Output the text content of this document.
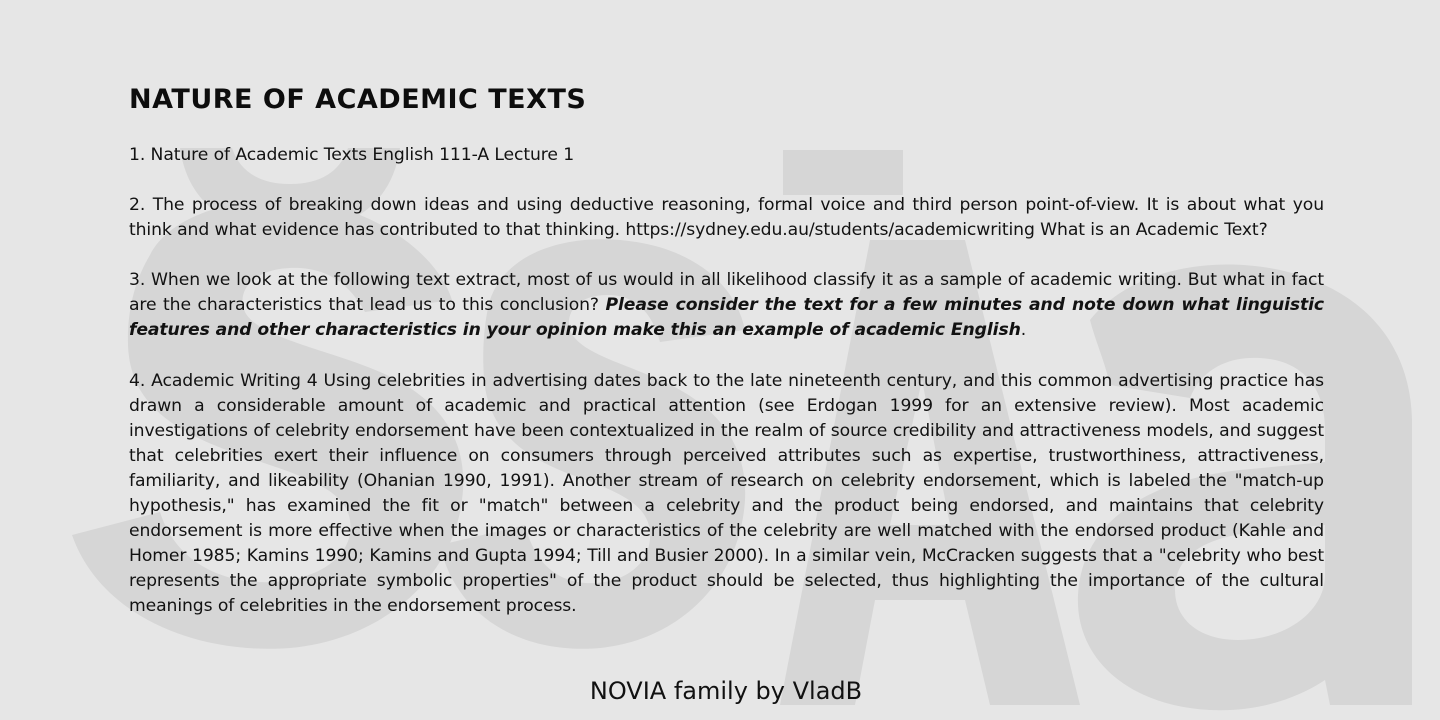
NATURE OF ACADEMIC TEXTS

1. Nature of Academic Texts English 111-A Lecture 1

2. The process of breaking down ideas and using deductive reasoning, formal voice and third person point-of-view. It is about what you think and what evidence has contributed to that thinking. https://sydney.edu.au/students/academicwriting What is an Academic Text?

3. When we look at the following text extract, most of us would in all likelihood classify it as a sample of academic writing. But what in fact are the characteristics that lead us to this conclusion? Please consider the text for a few minutes and note down what linguistic features and other characteristics in your opinion make this an example of academic English.

4. Academic Writing 4 Using celebrities in advertising dates back to the late nineteenth century, and this common advertising practice has drawn a considerable amount of academic and practical attention (see Erdogan 1999 for an extensive review). Most academic investigations of celebrity endorsement have been contextualized in the realm of source credibility and attractiveness models, and suggest that celebrities exert their influence on consumers through perceived attributes such as expertise, trustworthiness, attractiveness, familiarity, and likeability (Ohanian 1990, 1991). Another stream of research on celebrity endorsement, which is labeled the "match-up hypothesis," has examined the fit or "match" between a celebrity and the product being endorsed, and maintains that celebrity endorsement is more effective when the images or characteristics of the celebrity are well matched with the endorsed product (Kahle and Homer 1985; Kamins 1990; Kamins and Gupta 1994; Till and Busier 2000). In a similar vein, McCracken suggests that a "celebrity who best represents the appropriate symbolic properties" of the product should be selected, thus highlighting the importance of the cultural meanings of celebrities in the endorsement process.

NOVIA family by VladB
